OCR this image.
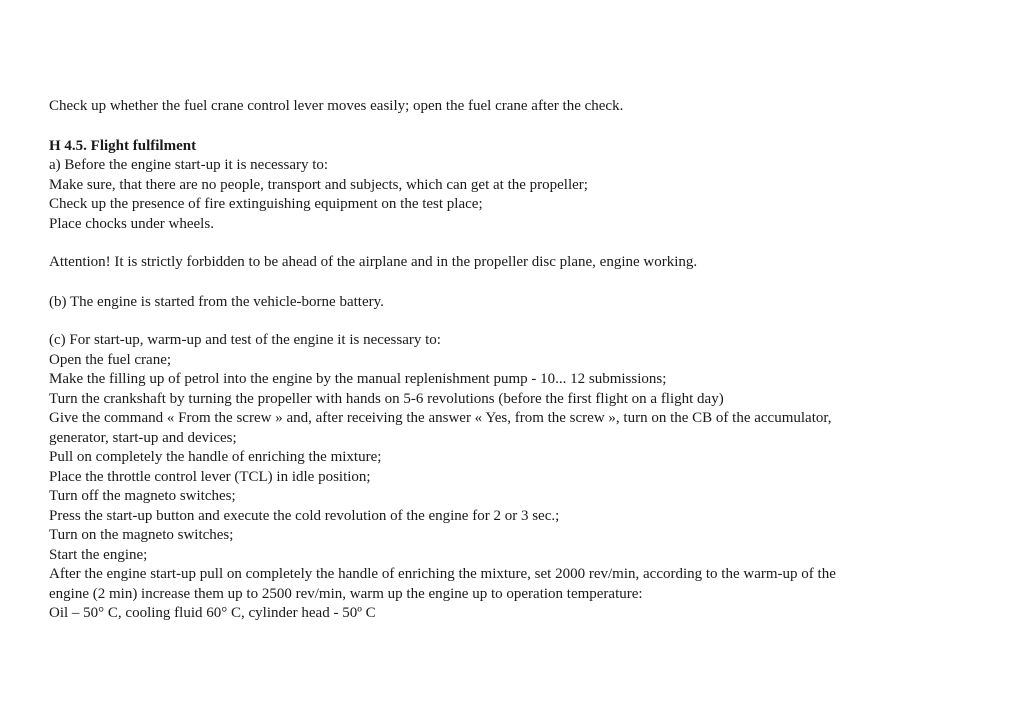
Check up whether the fuel crane control lever moves easily; open the fuel crane after the check.
H 4.5. Flight fulfilment
a) Before the engine start-up it is necessary to:
Make sure, that there are no people, transport and subjects, which can get at the propeller;
Check up the presence of fire extinguishing equipment on the test place;
Place chocks under wheels.
Attention! It is strictly forbidden to be ahead of the airplane and in the propeller disc plane, engine working.
(b) The engine is started from the vehicle-borne battery.
(c) For start-up, warm-up and test of the engine it is necessary to:
Open the fuel crane;
Make the filling up of petrol into the engine by the manual replenishment pump - 10... 12 submissions;
Turn the crankshaft by turning the propeller with hands on 5-6 revolutions (before the first flight on a flight day)
Give the command « From the screw » and, after receiving the answer « Yes, from the screw », turn on the CB of the accumulator,
generator, start-up and devices;
Pull on completely the handle of enriching the mixture;
Place the throttle control lever (TCL) in idle position;
Turn off the magneto switches;
Press the start-up button and execute the cold revolution of the engine for 2 or 3 sec.;
Turn on the magneto switches;
Start the engine;
After the engine start-up pull on completely the handle of enriching the mixture, set 2000 rev/min, according to the warm-up of the
engine (2 min) increase them up to 2500 rev/min, warm up the engine up to operation temperature:
Oil – 50° C, cooling fluid 60° C, cylinder head - 50º C
